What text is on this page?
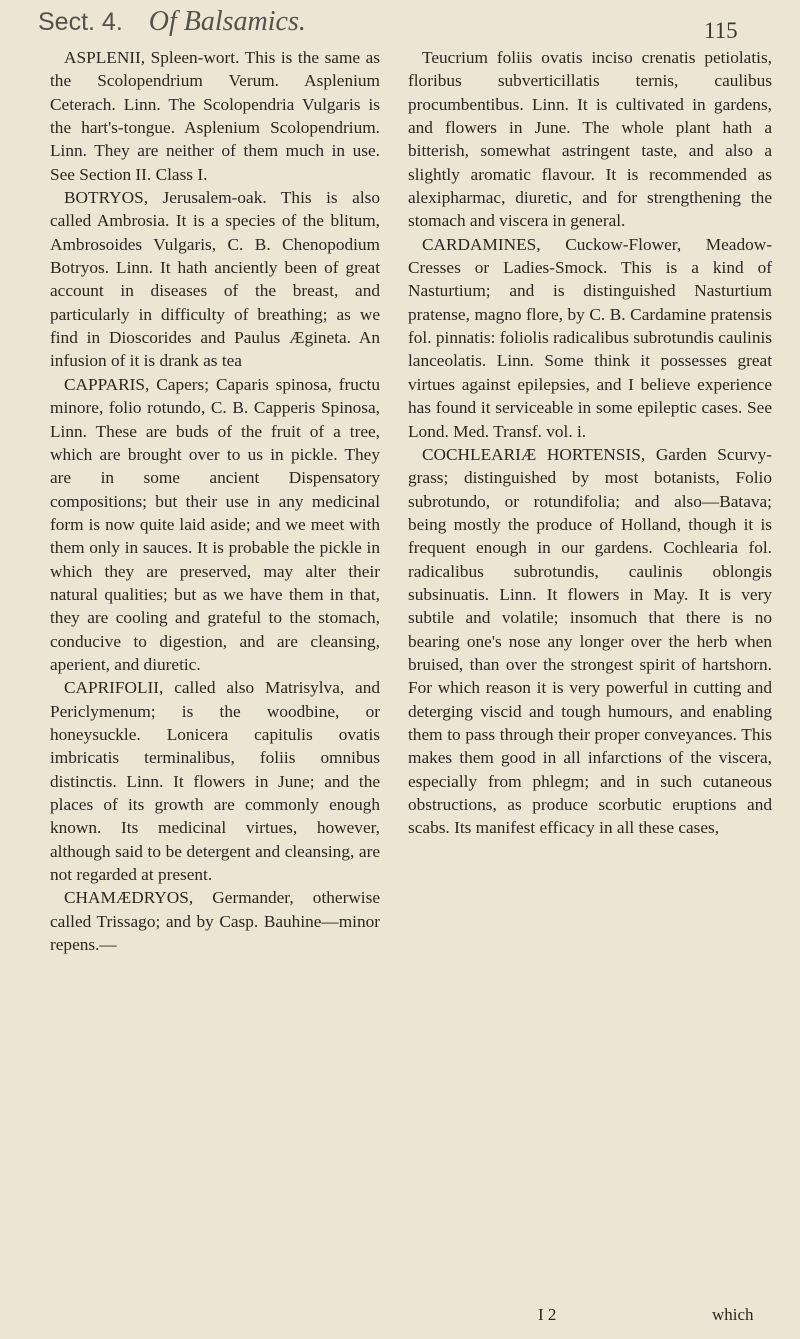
Sect. 4. Of Balsamics.	115

ASPLENII, Spleen-wort. This is the same as the Scolopendrium Verum. Asplenium Ceterach. Linn. The Scolopendria Vulgaris is the hart's-tongue. Asplenium Scolopendrium. Linn. They are neither of them much in use. See Section II. Class I.

BOTRYOS, Jerusalem-oak. This is also called Ambrosia. It is a species of the blitum, Ambrosoides Vulgaris, C. B. Chenopodium Botryos. Linn. It hath anciently been of great account in diseases of the breast, and particularly in difficulty of breathing; as we find in Dioscorides and Paulus Ægineta. An infusion of it is drank as tea

CAPPARIS, Capers; Caparis spinosa, fructu minore, folio rotundo, C. B. Capperis Spinosa, Linn. These are buds of the fruit of a tree, which are brought over to us in pickle. They are in some ancient Dispensatory compositions; but their use in any medicinal form is now quite laid aside; and we meet with them only in sauces. It is probable the pickle in which they are preserved, may alter their natural qualities; but as we have them in that, they are cooling and grateful to the stomach, conducive to digestion, and are cleansing, aperient, and diuretic.

CAPRIFOLII, called also Matrisylva, and Periclymenum; is the woodbine, or honeysuckle. Lonicera capitulis ovatis imbricatis terminalibus, foliis omnibus distinctis. Linn. It flowers in June; and the places of its growth are commonly enough known. Its medicinal virtues, however, although said to be detergent and cleansing, are not regarded at present.

CHAMÆDRYOS, Germander, otherwise called Trissago; and by Casp. Bauhine—minor repens.—

Teucrium foliis ovatis inciso crenatis petiolatis, floribus subverticillatis ternis, caulibus procumbentibus. Linn. It is cultivated in gardens, and flowers in June. The whole plant hath a bitterish, somewhat astringent taste, and also a slightly aromatic flavour. It is recommended as alexipharmac, diuretic, and for strengthening the stomach and viscera in general.

CARDAMINES, Cuckow-Flower, Meadow-Cresses or Ladies-Smock. This is a kind of Nasturtium; and is distinguished Nasturtium pratense, magno flore, by C. B. Cardamine pratensis fol. pinnatis: foliolis radicalibus subrotundis caulinis lanceolatis. Linn. Some think it possesses great virtues against epilepsies, and I believe experience has found it serviceable in some epileptic cases. See Lond. Med. Transf. vol. i.

COCHLEARIÆ HORTENSIS, Garden Scurvy-grass; distinguished by most botanists, Folio subrotundo, or rotundifolia; and also—Batava; being mostly the produce of Holland, though it is frequent enough in our gardens. Cochlearia fol. radicalibus subrotundis, caulinis oblongis subsinuatis. Linn. It flowers in May. It is very subtile and volatile; insomuch that there is no bearing one's nose any longer over the herb when bruised, than over the strongest spirit of hartshorn. For which reason it is very powerful in cutting and deterging viscid and tough humours, and enabling them to pass through their proper conveyances. This makes them good in all infarctions of the viscera, especially from phlegm; and in such cutaneous obstructions, as produce scorbutic eruptions and scabs. Its manifest efficacy in all these cases,

I 2	which
